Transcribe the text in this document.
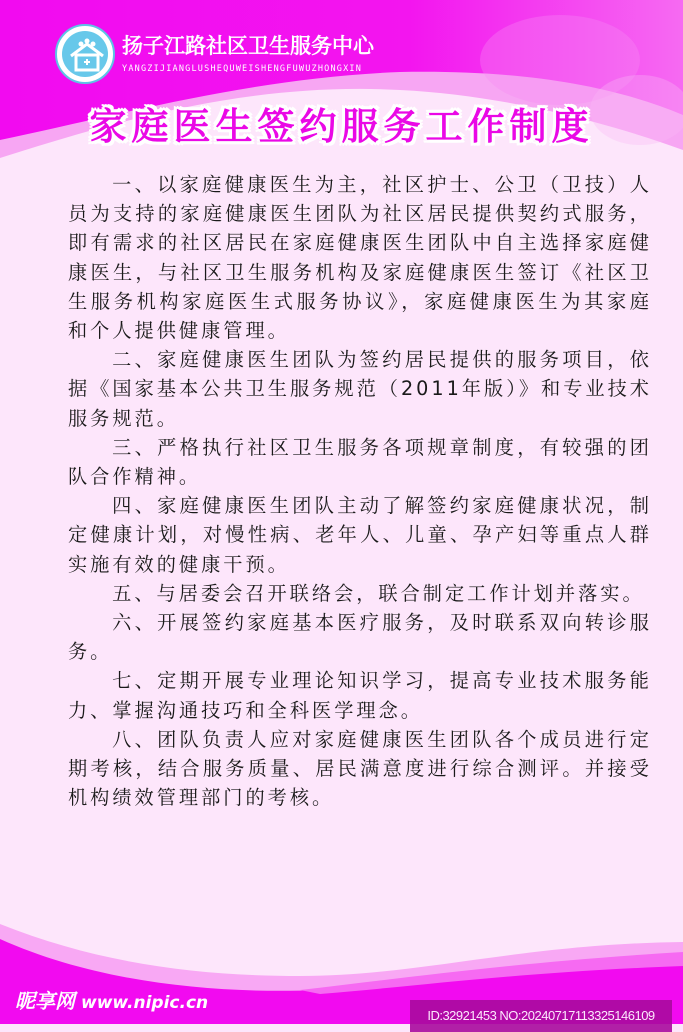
扬子江路社区卫生服务中心
YANGZIJIANGLUSHEQUWEISHENGFUWUZHONGXIN
家庭医生签约服务工作制度

一、以家庭健康医生为主，社区护士、公卫（卫技）人员为支持的家庭健康医生团队为社区居民提供契约式服务，即有需求的社区居民在家庭健康医生团队中自主选择家庭健康医生，与社区卫生服务机构及家庭健康医生签订《社区卫生服务机构家庭医生式服务协议》，家庭健康医生为其家庭和个人提供健康管理。

二、家庭健康医生团队为签约居民提供的服务项目，依据《国家基本公共卫生服务规范（2011年版）》和专业技术服务规范。

三、严格执行社区卫生服务各项规章制度，有较强的团队合作精神。

四、家庭健康医生团队主动了解签约家庭健康状况，制定健康计划，对慢性病、老年人、儿童、孕产妇等重点人群实施有效的健康干预。

五、与居委会召开联络会，联合制定工作计划并落实。

六、开展签约家庭基本医疗服务，及时联系双向转诊服务。

七、定期开展专业理论知识学习，提高专业技术服务能力、掌握沟通技巧和全科医学理念。

八、团队负责人应对家庭健康医生团队各个成员进行定期考核，结合服务质量、居民满意度进行综合测评。并接受机构绩效管理部门的考核。

昵享网 www.nipic.cn
ID:32921453 NO:20240717113325146109
